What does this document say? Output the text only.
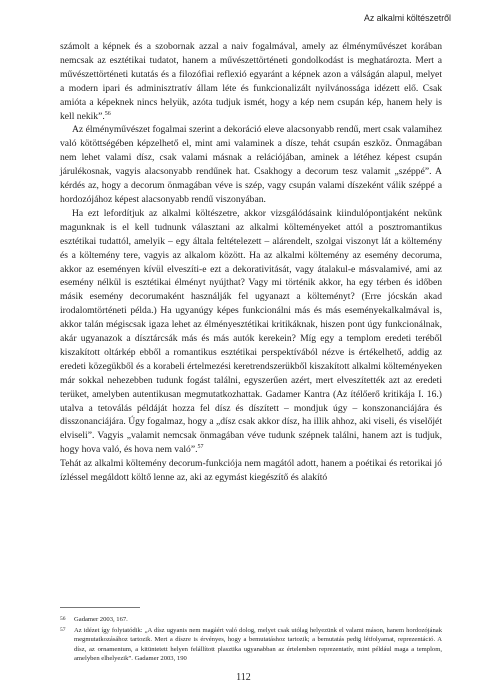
Az alkalmi költészetről

számolt a képnek és a szobornak azzal a naiv fogalmával, amely az élményművészet korában nemcsak az esztétikai tudatot, hanem a művészettörténeti gondolkodást is meghatározta. Mert a művészettörténeti kutatás és a filozófiai reflexió egyaránt a képnek azon a válságán alapul, melyet a modern ipari és adminisztratív állam léte és funkcionalizált nyilvánossága idézett elő. Csak amióta a képeknek nincs helyük, azóta tudjuk ismét, hogy a kép nem csupán kép, hanem hely is kell nekik”.$^{56}$

Az élményművészet fogalmai szerint a dekoráció eleve alacsonyabb rendű, mert csak valamihez való kötöttségében képzelhető el, mint ami valaminek a dísze, tehát csupán eszköz. Önmagában nem lehet valami dísz, csak valami másnak a relációjában, aminek a létéhez képest csupán járulékosnak, vagyis alacsonyabb rendűnek hat. Csakhogy a decorum tesz valamit „széppé”. A kérdés az, hogy a decorum önmagában véve is szép, vagy csupán valami díszeként válik széppé a hordozójához képest alacsonyabb rendű viszonyában.

Ha ezt lefordítjuk az alkalmi költészetre, akkor vizsgálódásaink kiindulópontjaként nekünk magunknak is el kell tudnunk választani az alkalmi költeményeket attól a posztromantikus esztétikai tudattól, amelyik – egy általa feltételezett – alárendelt, szolgai viszonyt lát a költemény és a költemény tere, vagyis az alkalom között. Ha az alkalmi költemény az esemény decoruma, akkor az eseményen kívül elveszíti-e ezt a dekorativitását, vagy átalakul-e másvalamivé, ami az esemény nélkül is esztétikai élményt nyújthat? Vagy mi történik akkor, ha egy térben és időben másik esemény decorumaként használják fel ugyanazt a költeményt? (Erre jócskán akad irodalomtörténeti példa.) Ha ugyanúgy képes funkcionálni más és más eseményekalkalmával is, akkor talán mégiscsak igaza lehet az élményesztétikai kritikáknak, hiszen pont úgy funkcionálnak, akár ugyanazok a dísztárcsák más és más autók kerekein? Míg egy a templom eredeti teréből kiszakított oltárkép ebből a romantikus esztétikai perspektívából nézve is értékelhető, addig az eredeti közegükből és a korabeli értelmezési keretrendszerükből kiszakított alkalmi költeményeken már sokkal nehezebben tudunk fogást találni, egyszerűen azért, mert elveszítették azt az eredeti terüket, amelyben autentikusan megmutatkozhattak. Gadamer Kantra (Az ítélőerő kritikája I. 16.) utalva a tetoválás példáját hozza fel dísz és díszített – mondjuk úgy – konszonanciájára és disszonanciájára. Úgy fogalmaz, hogy a „dísz csak akkor dísz, ha illik ahhoz, aki viseli, és viselőjét elviseli”. Vagyis „valamit nemcsak önmagában véve tudunk szépnek találni, hanem azt is tudjuk, hogy hova való, és hova nem való”.$^{57}$

Tehát az alkalmi költemény decorum-funkciója nem magától adott, hanem a poétikai és retorikai jó ízléssel megáldott költő lenne az, aki az egymást kiegészítő és alakító

56	Gadamer 2003, 167.
57	Az idézet így folytatódik: „A dísz ugyanis nem magáért való dolog, melyet csak utólag helyezünk el valami máson, hanem hordozójának megmutatkozásához tartozik. Mert a díszre is érvényes, hogy a bemutatáshoz tartozik; a bemutatás pedig létfolyamat, reprezentáció. A dísz, az ornamentum, a kitüntetett helyen felállított plasztika ugyanabban az értelemben reprezentatív, mint például maga a templom, amelyben elhelyezik”. Gadamer 2003, 190
112
